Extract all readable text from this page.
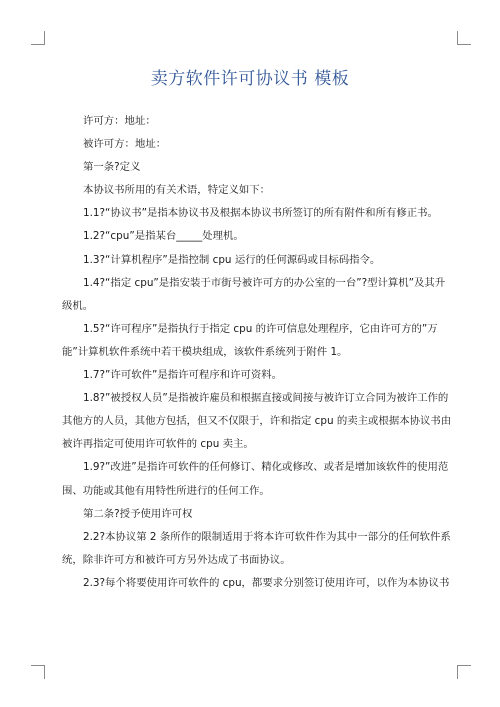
卖方软件许可协议书 模板

许可方：地址：

被许可方：地址：

第一条?定义

本协议书所用的有关术语，特定义如下：

1.1?“协议书”是指本协议书及根据本协议书所签订的所有附件和所有修正书。

1.2?“cpu”是指某台_____处理机。

1.3?“计算机程序”是指控制 cpu 运行的任何源码或目标码指令。

1.4?“指定 cpu”是指安装于市街号被许可方的办公室的一台”?型计算机”及其升

级机。

1.5?“许可程序”是指执行于指定 cpu 的许可信息处理程序，它由许可方的”万

能”计算机软件系统中若干模块组成，该软件系统列于附件 1。

1.7?”许可软件”是指许可程序和许可资料。

1.8?”被授权人员”是指被许雇员和根据直接或间接与被许订立合同为被许工作的

其他方的人员，其他方包括，但又不仅限于，许和指定 cpu 的卖主或根据本协议书由

被许再指定可使用许可软件的 cpu 卖主。

1.9?”改进”是指许可软件的任何修订、精化或修改、或者是增加该软件的使用范

围、功能或其他有用特性所进行的任何工作。

第二条?授予使用许可权

2.2?本协议第 2 条所作的限制适用于将本许可软件作为其中一部分的任何软件系

统，除非许可方和被许可方另外达成了书面协议。

2.3?每个将要使用许可软件的 cpu，都要求分别签订使用许可，以作为本协议书
